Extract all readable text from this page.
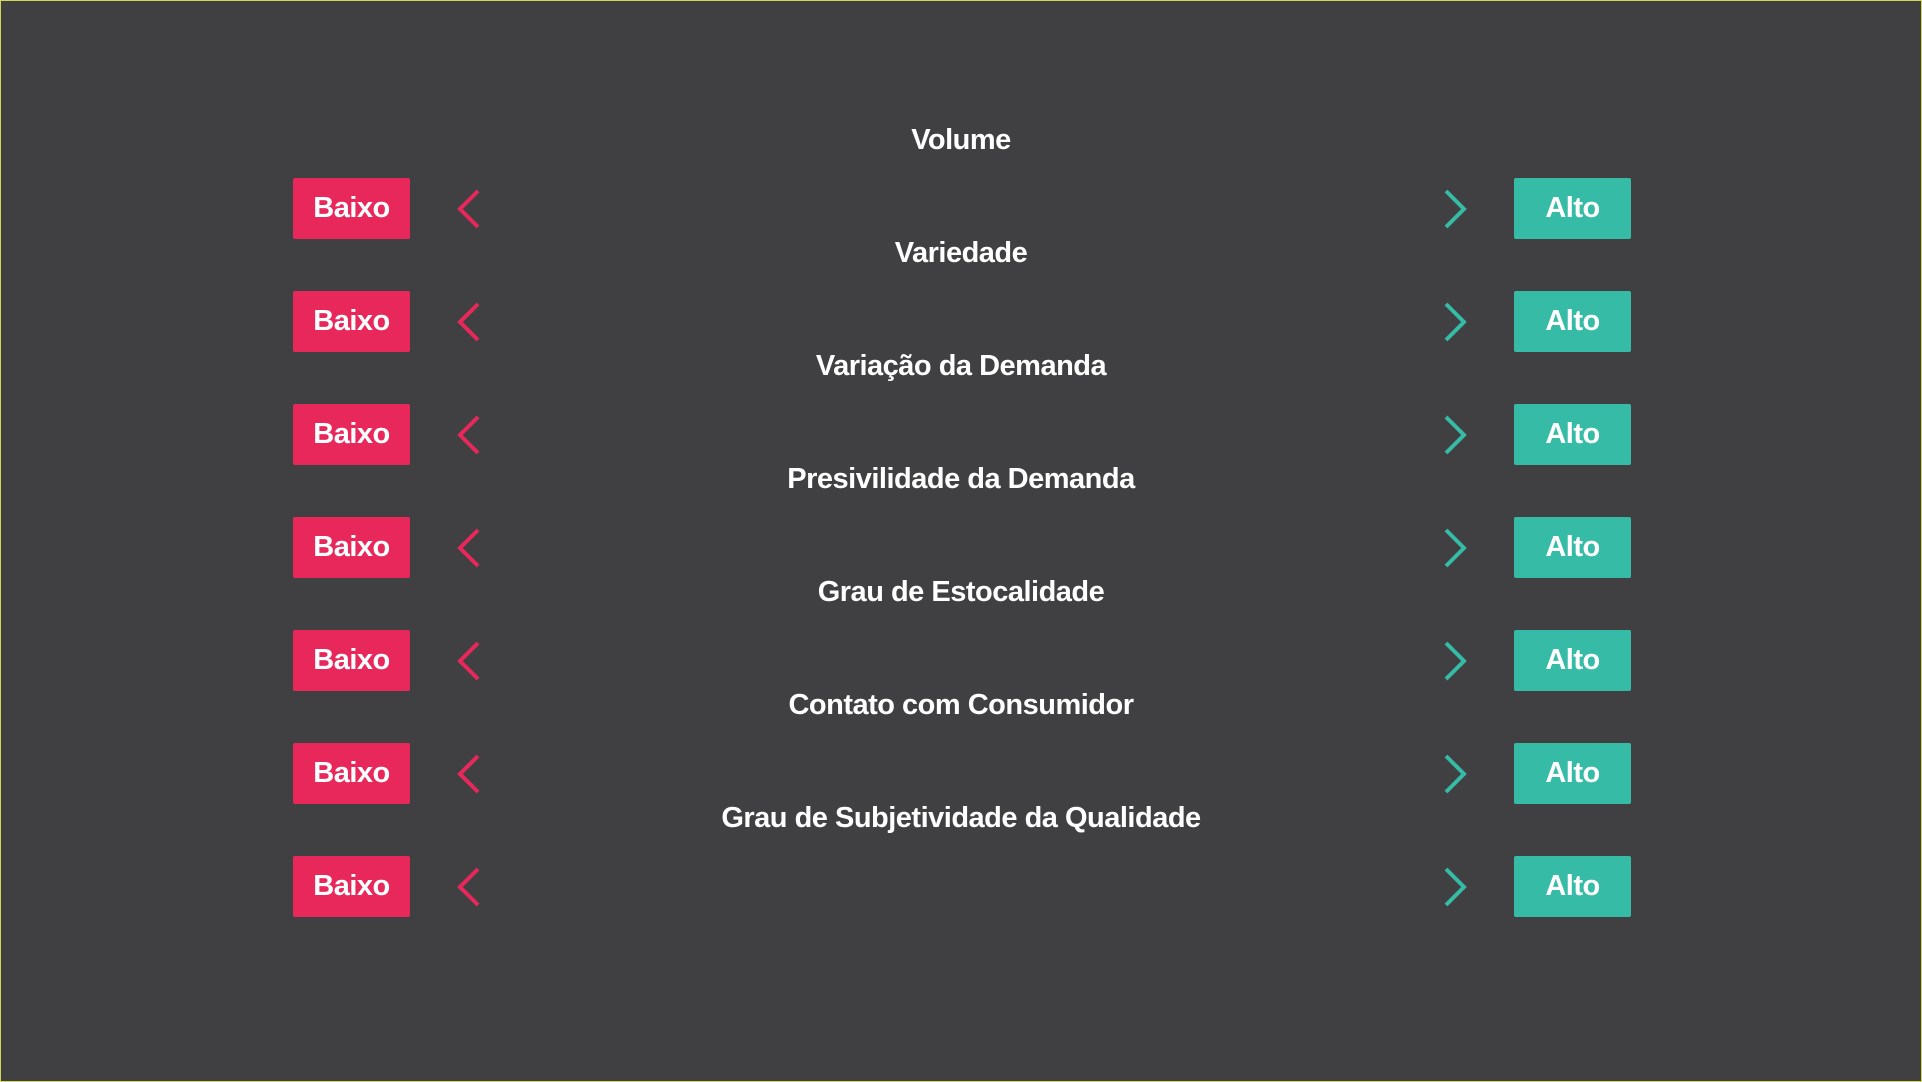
Baixo
Volume
Alto
Baixo
Variedade
Alto
Baixo
Variação da Demanda
Alto
Baixo
Presivilidade da Demanda
Alto
Baixo
Grau de Estocalidade
Alto
Baixo
Contato com Consumidor
Alto
Baixo
Grau de Subjetividade da Qualidade
Alto
